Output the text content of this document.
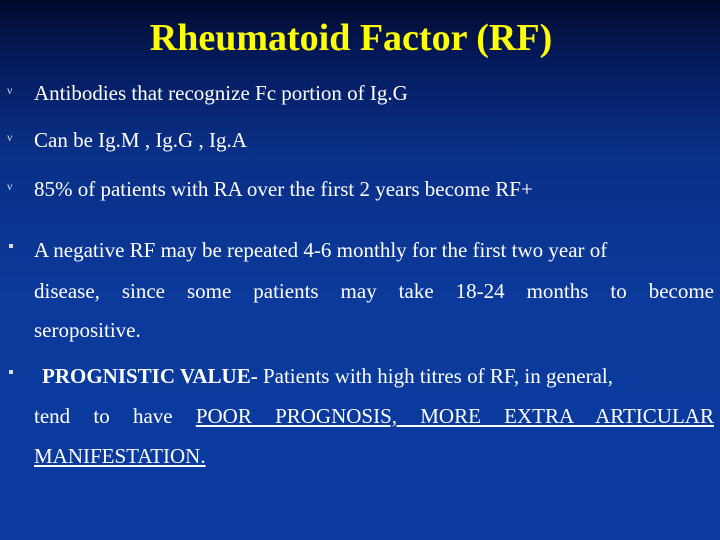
Rheumatoid Factor (RF)
ν Antibodies that recognize Fc portion of Ig.G
ν Can be Ig.M , Ig.G , Ig.A
ν 85% of patients with RA over the first 2 years become RF+
A negative RF may be repeated 4-6 monthly for the first two year of
disease, since some patients may take 18-24 months to become
seropositive.
PROGNISTIC VALUE- Patients with high titres of RF, in general,
tend to have POOR PROGNOSIS, MORE EXTRA ARTICULAR
MANIFESTATION.
